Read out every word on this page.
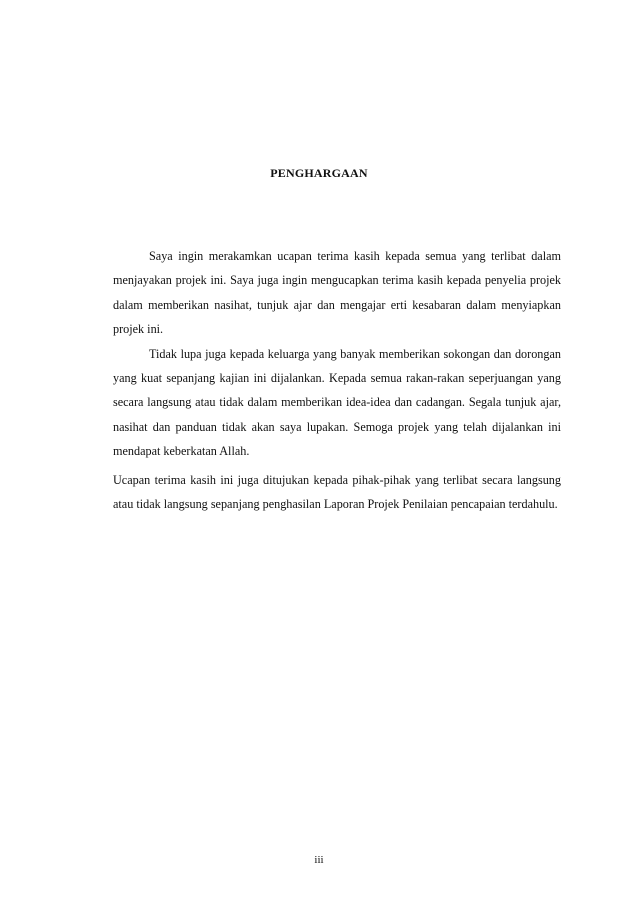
PENGHARGAAN

Saya ingin merakamkan ucapan terima kasih kepada semua yang terlibat dalam menjayakan projek ini. Saya juga ingin mengucapkan terima kasih kepada penyelia projek dalam memberikan nasihat, tunjuk ajar dan mengajar erti kesabaran dalam menyiapkan projek ini.

Tidak lupa juga kepada keluarga yang banyak memberikan sokongan dan dorongan yang kuat sepanjang kajian ini dijalankan. Kepada semua rakan-rakan seperjuangan yang secara langsung atau tidak dalam memberikan idea-idea dan cadangan. Segala tunjuk ajar, nasihat dan panduan tidak akan saya lupakan. Semoga projek yang telah dijalankan ini mendapat keberkatan Allah.

Ucapan terima kasih ini juga ditujukan kepada pihak-pihak yang terlibat secara langsung atau tidak langsung sepanjang penghasilan Laporan Projek Penilaian pencapaian terdahulu.

iii
